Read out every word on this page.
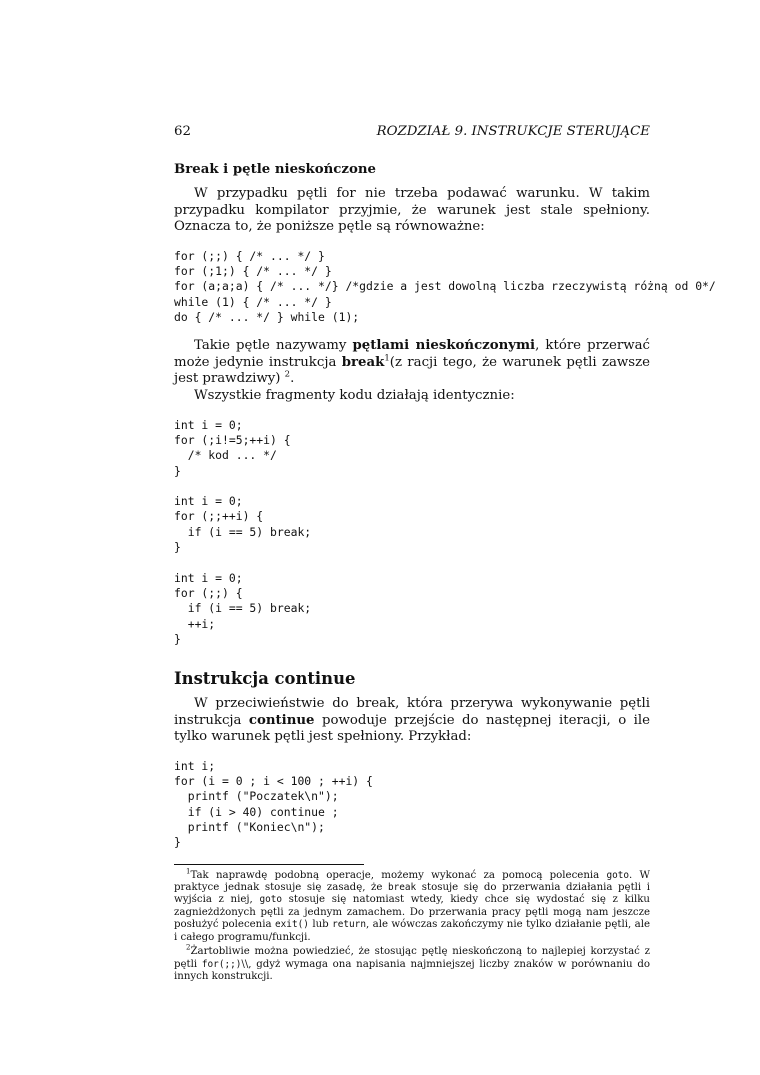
62	ROZDZIAŁ 9. INSTRUKCJE STERUJĄCE
Break i pętle nieskończone

W przypadku pętli for nie trzeba podawać warunku. W takim przypadku kompilator przyjmie, że warunek jest stale spełniony. Oznacza to, że poniższe pętle są równoważne:

for (;;) { /* ... */ }
for (;1;) { /* ... */ }
for (a;a;a) { /* ... */} /*gdzie a jest dowolną liczba rzeczywistą różną od 0*/
while (1) { /* ... */ }
do { /* ... */ } while (1);

Takie pętle nazywamy pętlami nieskończonymi, które przerwać może jedynie instrukcja break$^1$(z racji tego, że warunek pętli zawsze jest prawdziwy) $^2$.

Wszystkie fragmenty kodu działają identycznie:

int i = 0;
for (;i!=5;++i) {
/* kod ... */
}

int i = 0;
for (;;++i) {
if (i == 5) break;
}

int i = 0;
for (;;) {
if (i == 5) break;
++i;
}
Instrukcja continue

W przeciwieństwie do break, która przerywa wykonywanie pętli instrukcja continue powoduje przejście do następnej iteracji, o ile tylko warunek pętli jest spełniony. Przykład:

int i;
for (i = 0 ; i < 100 ; ++i) {
printf ("Poczatek\n");
if (i > 40) continue ;
printf ("Koniec\n");
}

$^1$Tak naprawdę podobną operacje, możemy wykonać za pomocą polecenia goto. W praktyce jednak stosuje się zasadę, że break stosuje się do przerwania działania pętli i wyjścia z niej, goto stosuje się natomiast wtedy, kiedy chce się wydostać się z kilku zagnieżdżonych pętli za jednym zamachem. Do przerwania pracy pętli mogą nam jeszcze posłużyć polecenia exit() lub return, ale wówczas zakończymy nie tylko działanie pętli, ale i całego programu/funkcji.

$^2$Żartobliwie można powiedzieć, że stosując pętlę nieskończoną to najlepiej korzystać z pętli for(;;)\\, gdyż wymaga ona napisania najmniejszej liczby znaków w porównaniu do innych konstrukcji.
